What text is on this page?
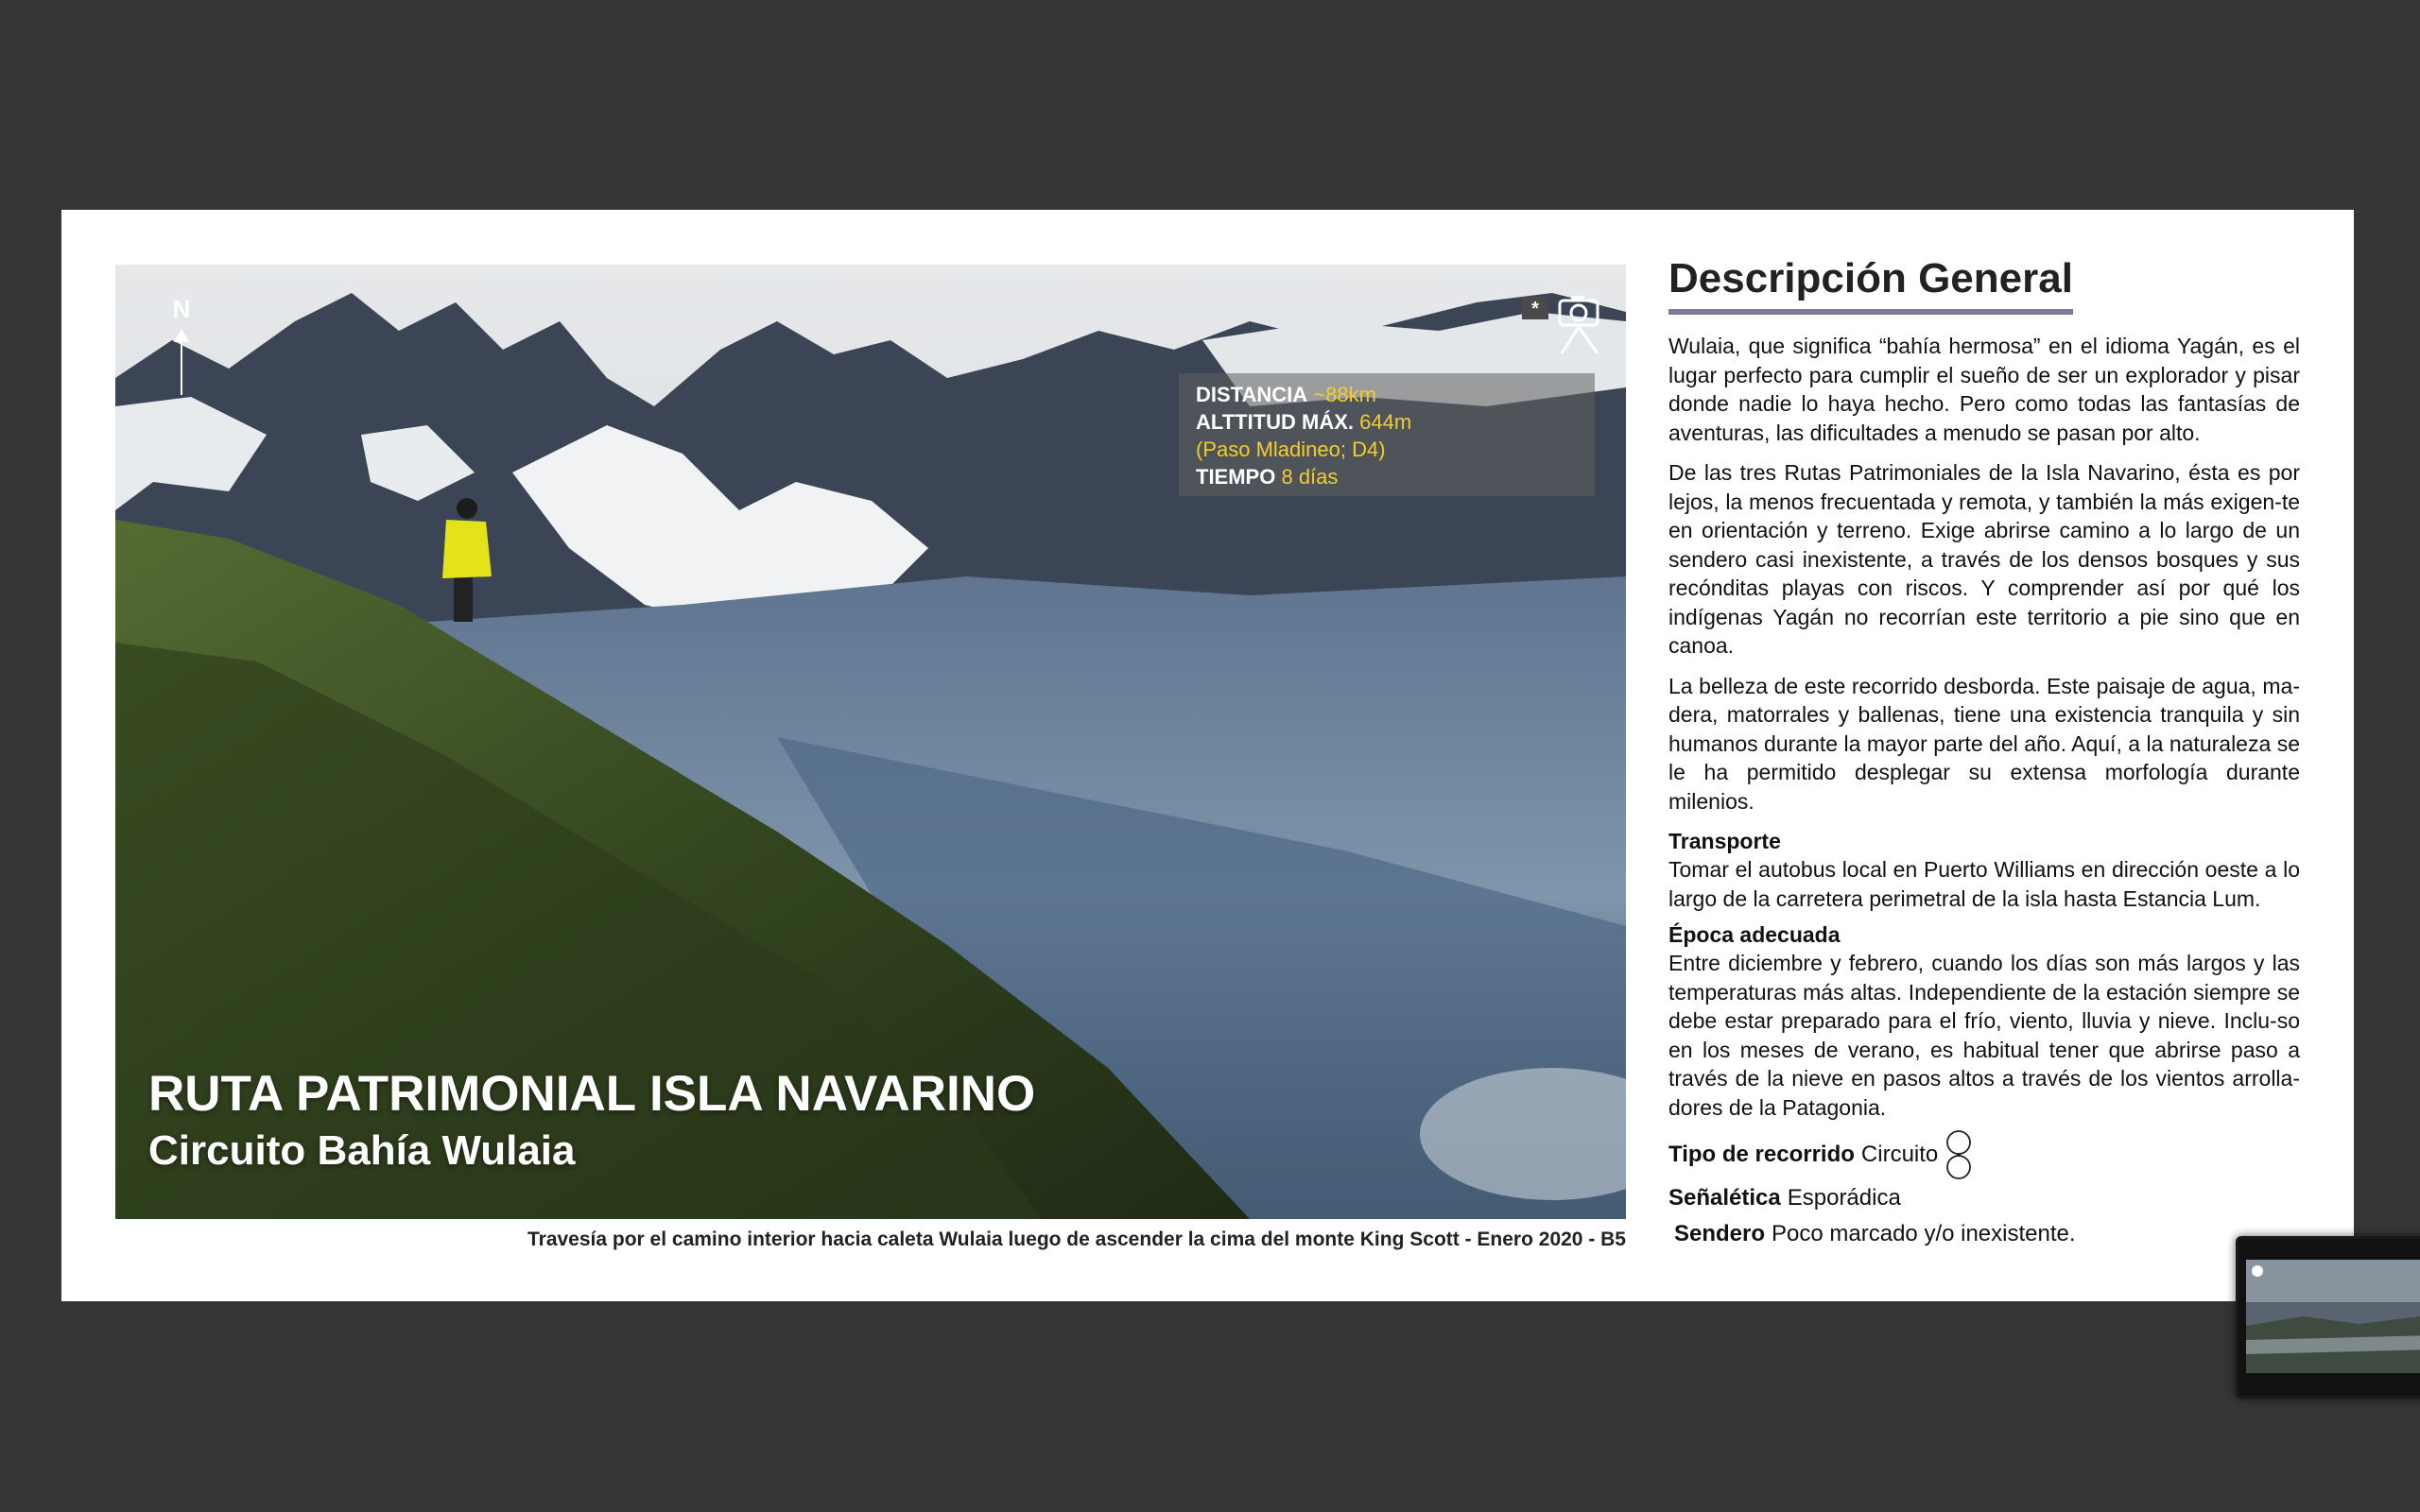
N	*
DISTANCIA ~88km
ALTTITUD MÁX. 644m
(Paso Mladineo; D4)
TIEMPO 8 días
RUTA PATRIMONIAL ISLA NAVARINO
Circuito Bahía Wulaia
Travesía por el camino interior hacia caleta Wulaia luego de ascender la cima del monte King Scott - Enero 2020 - B5
Descripción General

Wulaia, que significa “bahía hermosa” en el idioma Yagán, es el lugar perfecto para cumplir el sueño de ser un explorador y pisar donde nadie lo haya hecho. Pero como todas las fantasías de aventuras, las dificultades a menudo se pasan por alto.

De las tres Rutas Patrimoniales de la Isla Navarino, ésta es por lejos, la menos frecuentada y remota, y también la más exigen-te en orientación y terreno. Exige abrirse camino a lo largo de un sendero casi inexistente, a través de los densos bosques y sus recónditas playas con riscos. Y comprender así por qué los indígenas Yagán no recorrían este territorio a pie sino que en canoa.

La belleza de este recorrido desborda. Este paisaje de agua, ma-dera, matorrales y ballenas, tiene una existencia tranquila y sin humanos durante la mayor parte del año. Aquí, a la naturaleza se le ha permitido desplegar su extensa morfología durante milenios.

Transporte

Tomar el autobus local en Puerto Williams en dirección oeste a lo largo de la carretera perimetral de la isla hasta Estancia Lum.

Época adecuada

Entre diciembre y febrero, cuando los días son más largos y las temperaturas más altas. Independiente de la estación siempre se debe estar preparado para el frío, viento, lluvia y nieve. Inclu-so en los meses de verano, es habitual tener que abrirse paso a través de la nieve en pasos altos a través de los vientos arrolla-dores de la Patagonia.

Tipo de recorrido Circuito

Señalética Esporádica

Sendero Poco marcado y/o inexistente.
